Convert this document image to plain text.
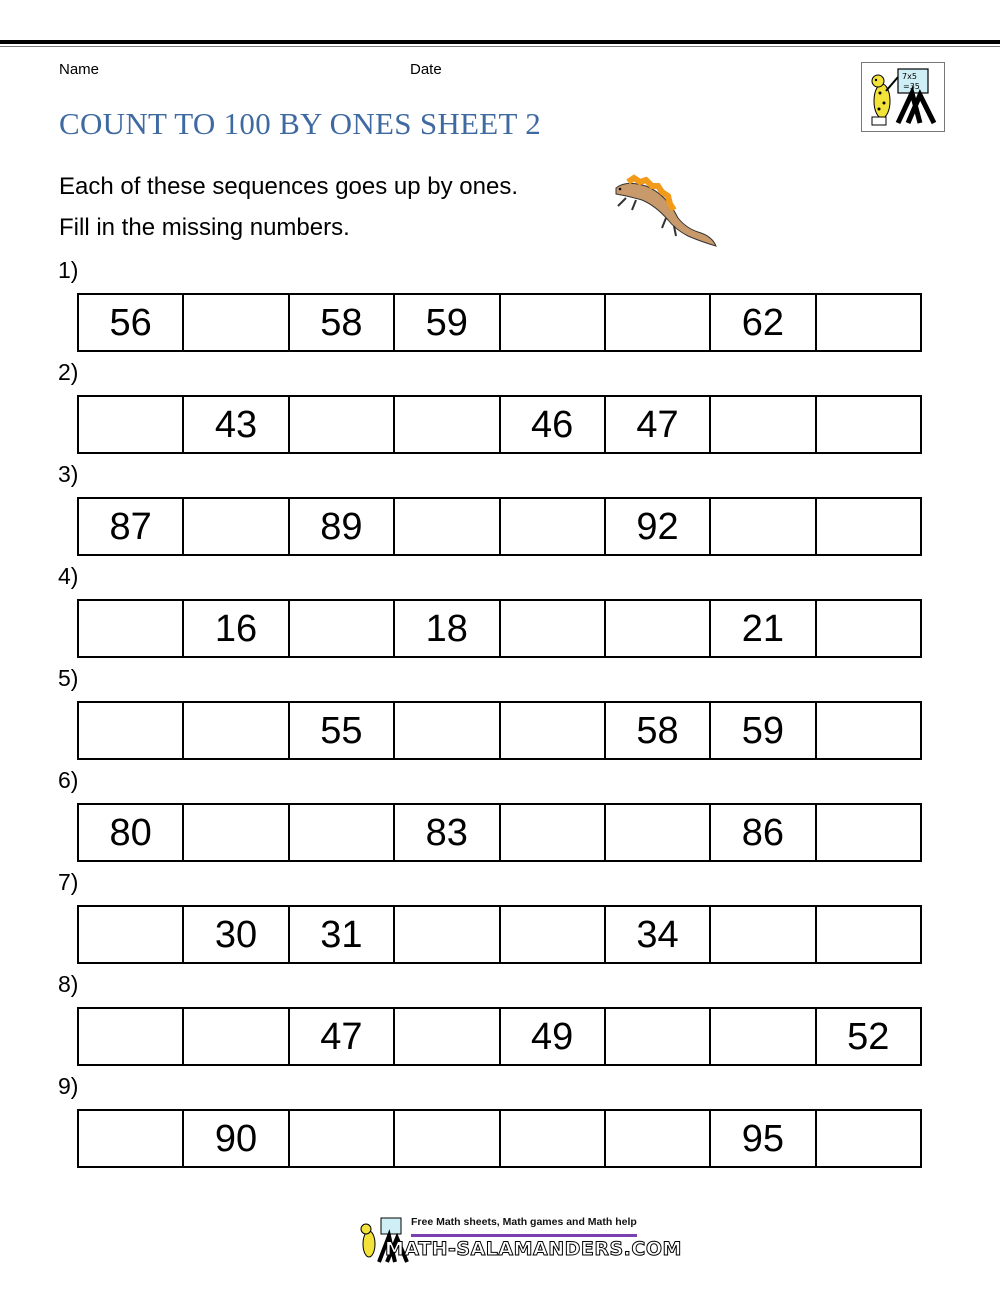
Name	Date
COUNT TO 100 BY ONES SHEET 2
7x5
=35
Each of these sequences goes up by ones.
Fill in the missing numbers.
1)
56	58	59	62
2)
43	46	47
3)
87	89	92
4)
16	18	21
5)
55	58	59
6)
80	83	86
7)
30	31	34
8)
47	49	52
9)
90	95
Free Math sheets, Math games and Math help
MATH-SALAMANDERS.COM
